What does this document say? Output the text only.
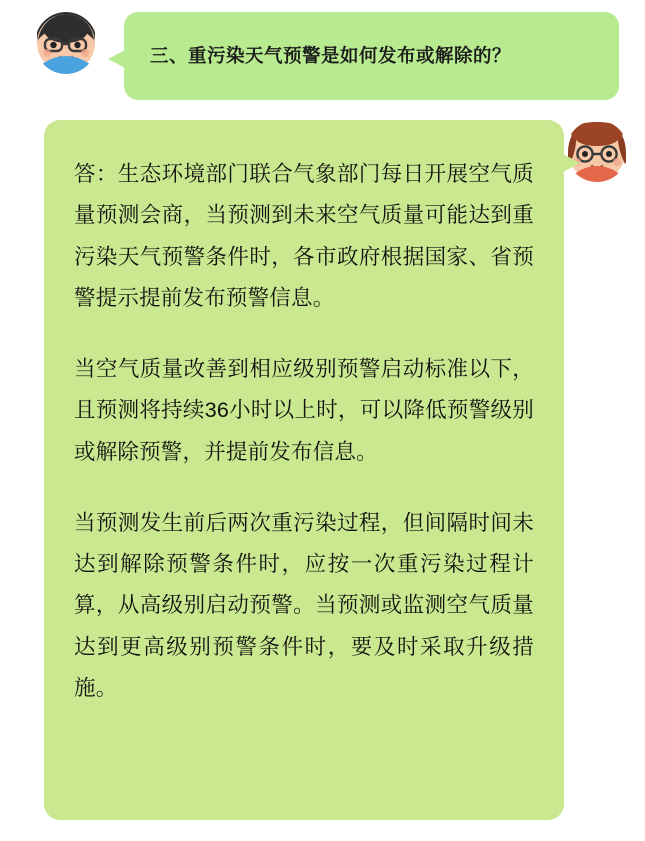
三、重污染天气预警是如何发布或解除的？

答：生态环境部门联合气象部门每日开展空气质量预测会商，当预测到未来空气质量可能达到重污染天气预警条件时，各市政府根据国家、省预警提示提前发布预警信息。

当空气质量改善到相应级别预警启动标准以下，且预测将持续36小时以上时，可以降低预警级别或解除预警，并提前发布信息。

当预测发生前后两次重污染过程，但间隔时间未达到解除预警条件时，应按一次重污染过程计算，从高级别启动预警。当预测或监测空气质量达到更高级别预警条件时，要及时采取升级措施。
